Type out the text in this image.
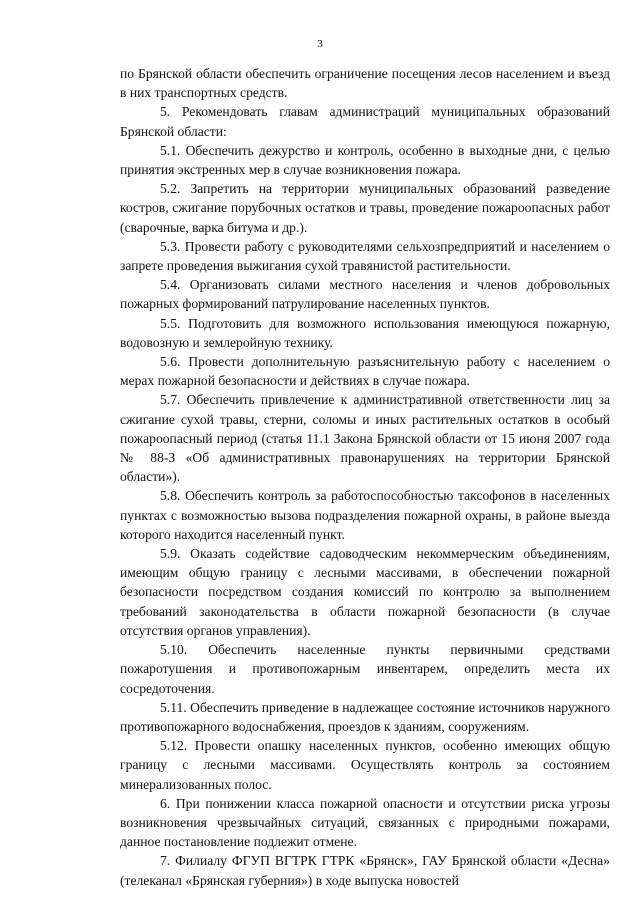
3

по Брянской области обеспечить ограничение посещения лесов населением и въезд в них транспортных средств.

5. Рекомендовать главам администраций муниципальных образований Брянской области:

5.1. Обеспечить дежурство и контроль, особенно в выходные дни, с целью принятия экстренных мер в случае возникновения пожара.

5.2. Запретить на территории муниципальных образований разведение костров, сжигание порубочных остатков и травы, проведение пожароопасных работ (сварочные, варка битума и др.).

5.3. Провести работу с руководителями сельхозпредприятий и населением о запрете проведения выжигания сухой травянистой растительности.

5.4. Организовать силами местного населения и членов добровольных пожарных формирований патрулирование населенных пунктов.

5.5. Подготовить для возможного использования имеющуюся пожарную, водовозную и землеройную технику.

5.6. Провести дополнительную разъяснительную работу с населением о мерах пожарной безопасности и действиях в случае пожара.

5.7. Обеспечить привлечение к административной ответственности лиц за сжигание сухой травы, стерни, соломы и иных растительных остатков в особый пожароопасный период (статья 11.1 Закона Брянской области от 15 июня 2007 года № 88-З «Об административных правонарушениях на территории Брянской области»).

5.8. Обеспечить контроль за работоспособностью таксофонов в населенных пунктах с возможностью вызова подразделения пожарной охраны, в районе выезда которого находится населенный пункт.

5.9. Оказать содействие садоводческим некоммерческим объединениям, имеющим общую границу с лесными массивами, в обеспечении пожарной безопасности посредством создания комиссий по контролю за выполнением требований законодательства в области пожарной безопасности (в случае отсутствия органов управления).

5.10. Обеспечить населенные пункты первичными средствами пожаротушения и противопожарным инвентарем, определить места их сосредоточения.

5.11. Обеспечить приведение в надлежащее состояние источников наружного противопожарного водоснабжения, проездов к зданиям, сооружениям.

5.12. Провести опашку населенных пунктов, особенно имеющих общую границу с лесными массивами. Осуществлять контроль за состоянием минерализованных полос.

6. При понижении класса пожарной опасности и отсутствии риска угрозы возникновения чрезвычайных ситуаций, связанных с природными пожарами, данное постановление подлежит отмене.

7. Филиалу ФГУП ВГТРК ГТРК «Брянск», ГАУ Брянской области «Десна» (телеканал «Брянская губерния») в ходе выпуска новостей
